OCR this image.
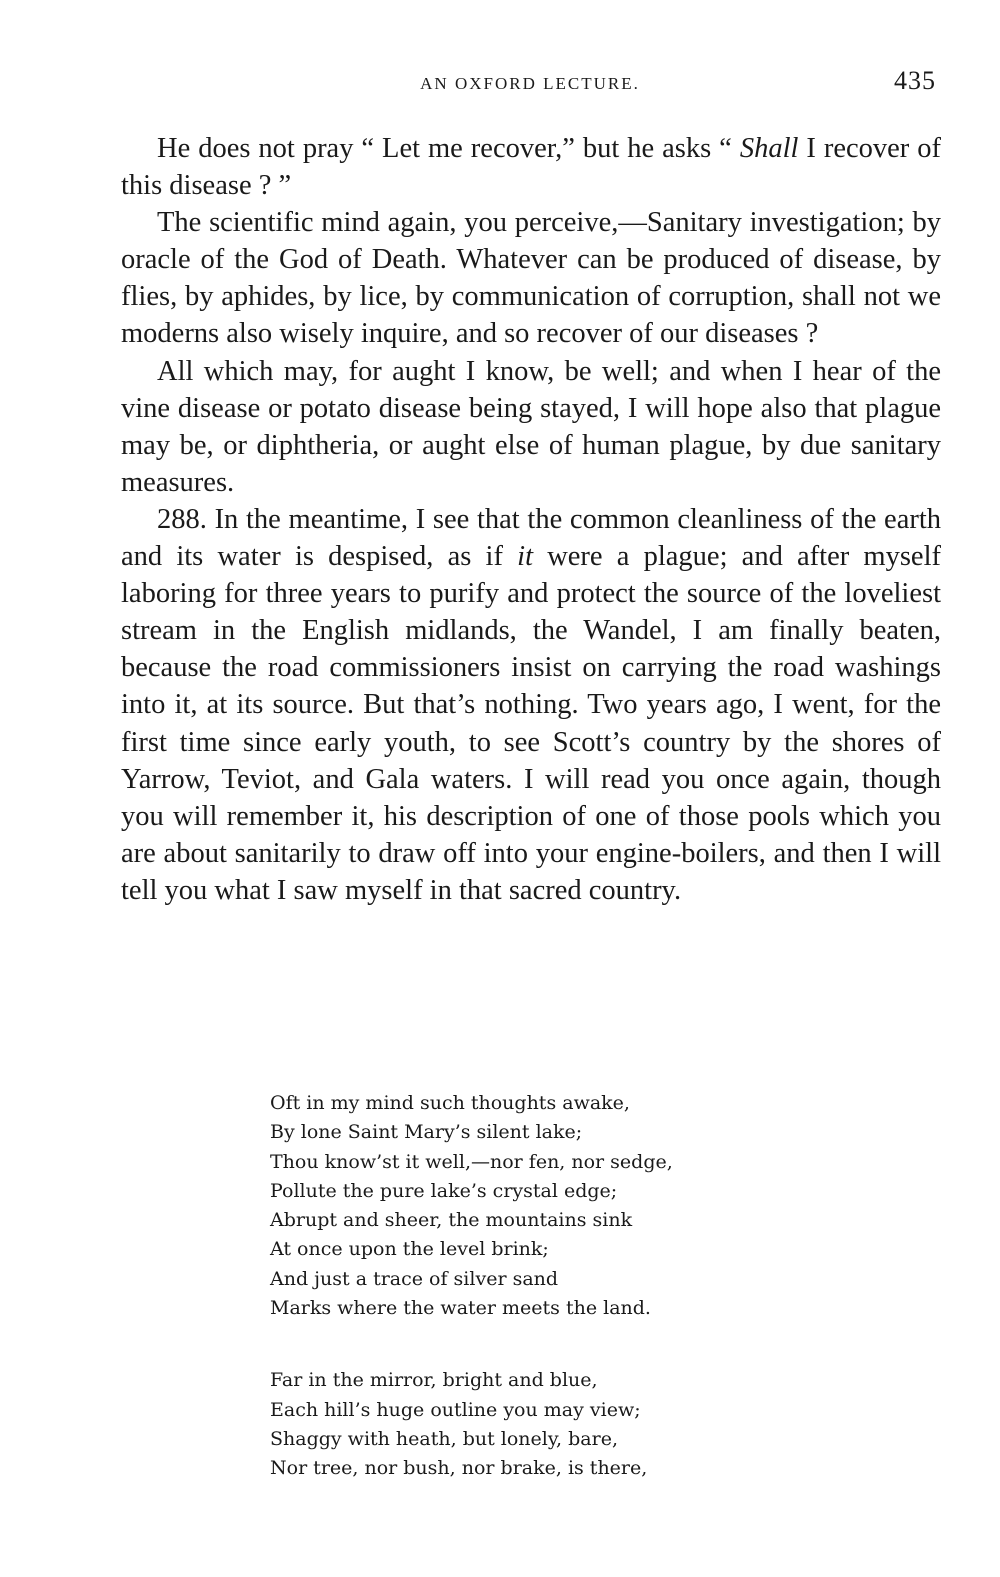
AN OXFORD LECTURE.	435

He does not pray “ Let me recover,” but he asks “ Shall I recover of this disease ? ”

The scientific mind again, you perceive,—Sanitary investigation; by oracle of the God of Death. Whatever can be produced of disease, by flies, by aphides, by lice, by communication of corruption, shall not we moderns also wisely inquire, and so recover of our diseases ?

All which may, for aught I know, be well; and when I hear of the vine disease or potato disease being stayed, I will hope also that plague may be, or diphtheria, or aught else of human plague, by due sanitary measures.

288. In the meantime, I see that the common cleanliness of the earth and its water is despised, as if it were a plague; and after myself laboring for three years to purify and protect the source of the loveliest stream in the English midlands, the Wandel, I am finally beaten, because the road commissioners insist on carrying the road washings into it, at its source. But that’s nothing. Two years ago, I went, for the first time since early youth, to see Scott’s country by the shores of Yarrow, Teviot, and Gala waters. I will read you once again, though you will remember it, his description of one of those pools which you are about sanitarily to draw off into your engine-boilers, and then I will tell you what I saw myself in that sacred country.

Oft in my mind such thoughts awake,
By lone Saint Mary’s silent lake;
Thou know’st it well,—nor fen, nor sedge,
Pollute the pure lake’s crystal edge;
Abrupt and sheer, the mountains sink
At once upon the level brink;
And just a trace of silver sand
Marks where the water meets the land.
Far in the mirror, bright and blue,
Each hill’s huge outline you may view;
Shaggy with heath, but lonely, bare,
Nor tree, nor bush, nor brake, is there,
